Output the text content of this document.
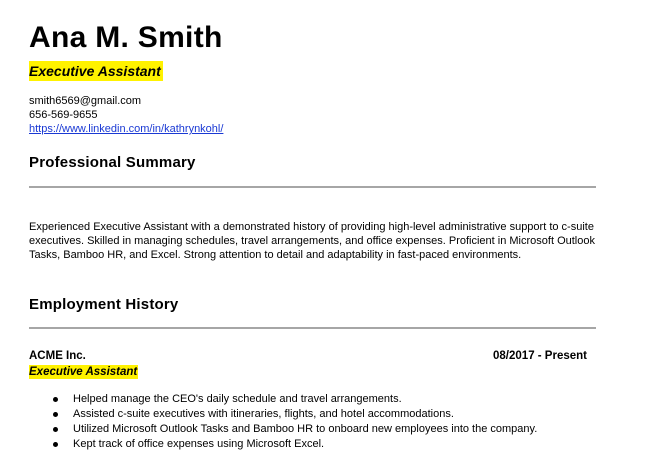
Ana M. Smith
Executive Assistant
smith6569@gmail.com
656-569-9655
https://www.linkedin.com/in/kathrynkohl/
Professional Summary

Experienced Executive Assistant with a demonstrated history of providing high-level administrative support to c-suite executives. Skilled in managing schedules, travel arrangements, and office expenses. Proficient in Microsoft Outlook Tasks, Bamboo HR, and Excel. Strong attention to detail and adaptability in fast-paced environments.

Employment History
ACME Inc.	08/2017 - Present
Executive Assistant
Helped manage the CEO's daily schedule and travel arrangements.
Assisted c-suite executives with itineraries, flights, and hotel accommodations.
Utilized Microsoft Outlook Tasks and Bamboo HR to onboard new employees into the company.
Kept track of office expenses using Microsoft Excel.
